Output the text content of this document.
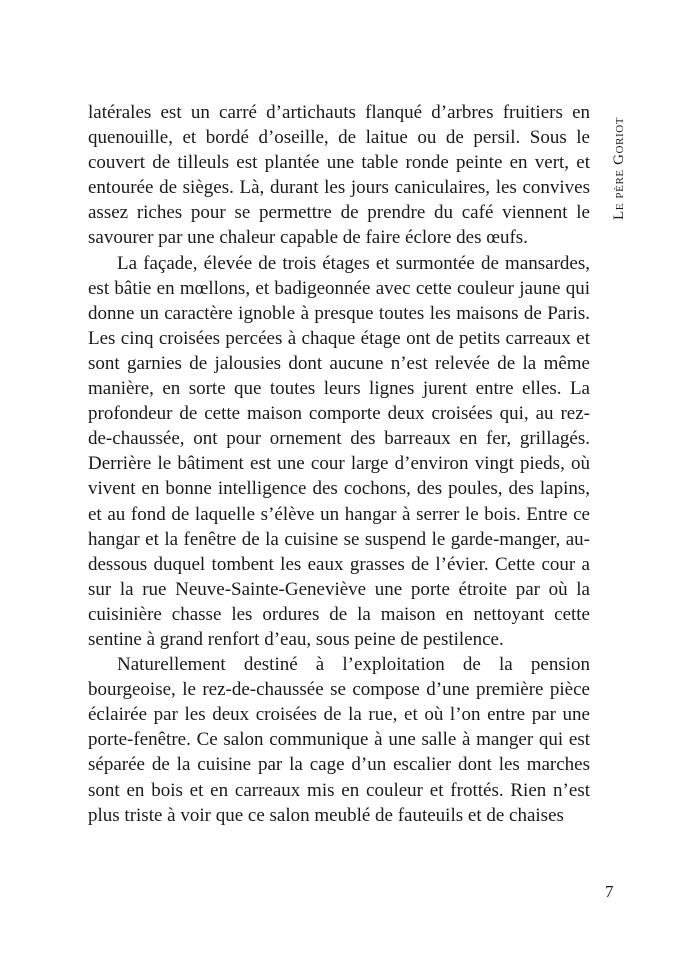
latérales est un carré d’artichauts flanqué d’arbres fruitiers en quenouille, et bordé d’oseille, de laitue ou de persil. Sous le couvert de tilleuls est plantée une table ronde peinte en vert, et entourée de sièges. Là, durant les jours caniculaires, les convives assez riches pour se permettre de prendre du café viennent le savourer par une chaleur capable de faire éclore des œufs.

La façade, élevée de trois étages et surmontée de mansardes, est bâtie en mœllons, et badigeonnée avec cette couleur jaune qui donne un caractère ignoble à presque toutes les maisons de Paris. Les cinq croisées percées à chaque étage ont de petits carreaux et sont garnies de jalousies dont aucune n’est relevée de la même manière, en sorte que toutes leurs lignes jurent entre elles. La profondeur de cette maison comporte deux croisées qui, au rez-de-chaussée, ont pour ornement des barreaux en fer, grillagés. Derrière le bâtiment est une cour large d’environ vingt pieds, où vivent en bonne intelligence des cochons, des poules, des lapins, et au fond de laquelle s’élève un hangar à serrer le bois. Entre ce hangar et la fenêtre de la cuisine se suspend le garde-manger, au-dessous duquel tombent les eaux grasses de l’évier. Cette cour a sur la rue Neuve-Sainte-Geneviève une porte étroite par où la cuisinière chasse les ordures de la maison en nettoyant cette sentine à grand renfort d’eau, sous peine de pestilence.

Naturellement destiné à l’exploitation de la pension bourgeoise, le rez-de-chaussée se compose d’une première pièce éclairée par les deux croisées de la rue, et où l’on entre par une porte-fenêtre. Ce salon communique à une salle à manger qui est séparée de la cuisine par la cage d’un escalier dont les marches sont en bois et en carreaux mis en couleur et frottés. Rien n’est plus triste à voir que ce salon meublé de fauteuils et de chaises

Le père Goriot
7
